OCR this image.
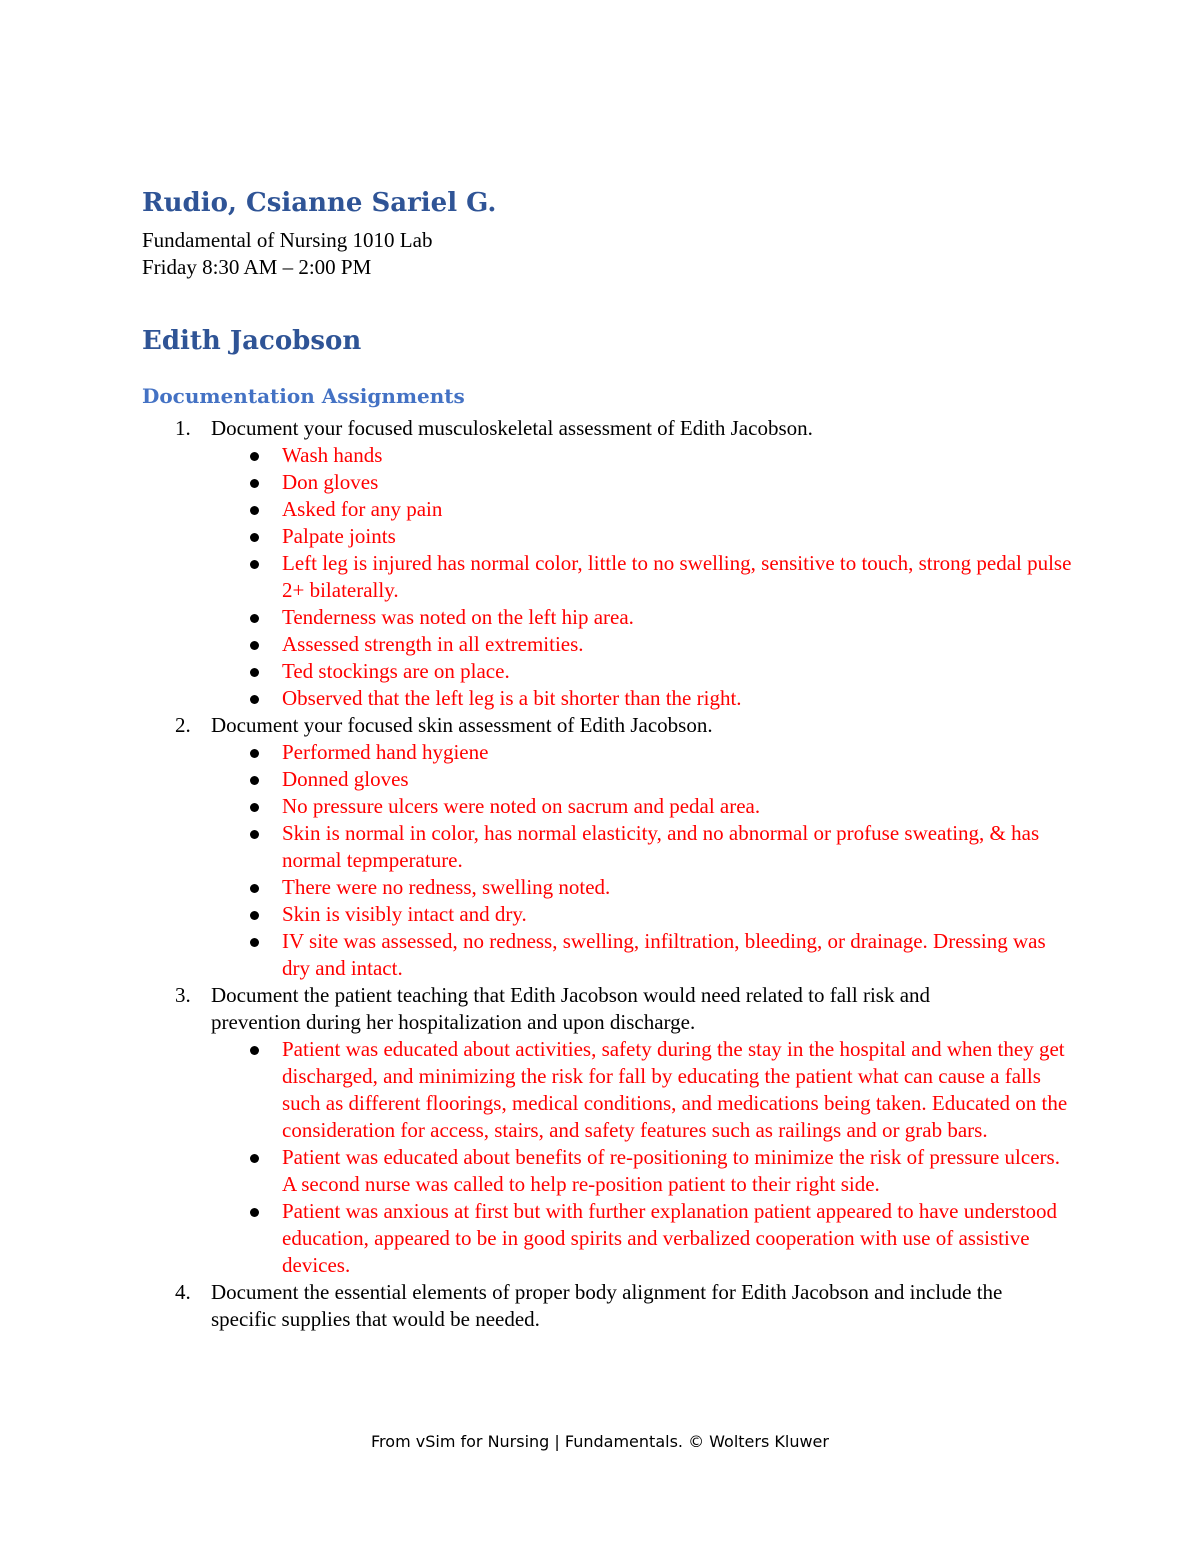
Rudio, Csianne Sariel G.

Fundamental of Nursing 1010 Lab

Friday 8:30 AM – 2:00 PM

Edith Jacobson
Documentation Assignments
1. Document your focused musculoskeletal assessment of Edith Jacobson.
Wash hands
Don gloves
Asked for any pain
Palpate joints
Left leg is injured has normal color, little to no swelling, sensitive to touch, strong pedal pulse 2+ bilaterally.
Tenderness was noted on the left hip area.
Assessed strength in all extremities.
Ted stockings are on place.
Observed that the left leg is a bit shorter than the right.
2. Document your focused skin assessment of Edith Jacobson.
Performed hand hygiene
Donned gloves
No pressure ulcers were noted on sacrum and pedal area.
Skin is normal in color, has normal elasticity, and no abnormal or profuse sweating, & has normal tepmperature.
There were no redness, swelling noted.
Skin is visibly intact and dry.
IV site was assessed, no redness, swelling, infiltration, bleeding, or drainage. Dressing was dry and intact.
3. Document the patient teaching that Edith Jacobson would need related to fall risk and prevention during her hospitalization and upon discharge.
Patient was educated about activities, safety during the stay in the hospital and when they get discharged, and minimizing the risk for fall by educating the patient what can cause a falls such as different floorings, medical conditions, and medications being taken. Educated on the consideration for access, stairs, and safety features such as railings and or grab bars.
Patient was educated about benefits of re-positioning to minimize the risk of pressure ulcers. A second nurse was called to help re-position patient to their right side.
Patient was anxious at first but with further explanation patient appeared to have understood education, appeared to be in good spirits and verbalized cooperation with use of assistive devices.
4. Document the essential elements of proper body alignment for Edith Jacobson and include the specific supplies that would be needed.

From vSim for Nursing | Fundamentals. © Wolters Kluwer
